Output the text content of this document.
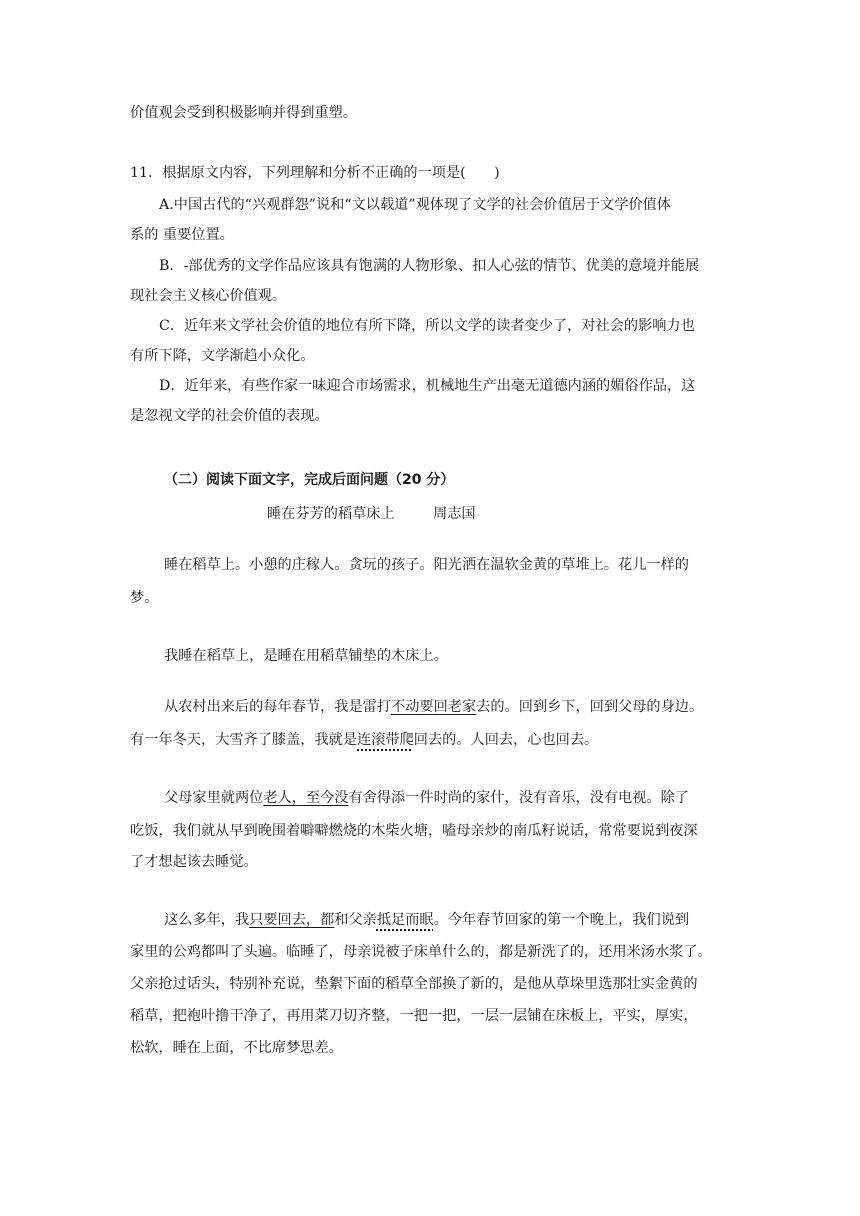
价值观会受到积极影响并得到重塑。
11．根据原文内容，下列理解和分析不正确的一项是(　　)
A.中国古代的“兴观群怨”说和“文以载道”观体现了文学的社会价值居于文学价值体
系的 重要位置。
B．-部优秀的文学作品应该具有饱满的人物形象、扣人心弦的情节、优美的意境并能展
现社会主义核心价值观。
C．近年来文学社会价值的地位有所下降，所以文学的读者变少了，对社会的影响力也
有所下降，文学渐趋小众化。
D．近年来，有些作家一味迎合市场需求，机械地生产出毫无道德内涵的媚俗作品，这
是忽视文学的社会价值的表现。
（二）阅读下面文字，完成后面问题（20 分）
睡在芬芳的稻草床上	周志国
睡在稻草上。小憩的庄稼人。贪玩的孩子。阳光洒在温软金黄的草堆上。花儿一样的
梦。
我睡在稻草上，是睡在用稻草铺垫的木床上。
从农村出来后的每年春节，我是雷打不动要回老家去的。回到乡下，回到父母的身边。
有一年冬天，大雪齐了膝盖，我就是连滚带爬回去的。人回去，心也回去。
父母家里就两位老人，至今没有舍得添一件时尚的家什，没有音乐，没有电视。除了
吃饭，我们就从早到晚围着噼噼燃烧的木柴火塘，嗑母亲炒的南瓜籽说话，常常要说到夜深
了才想起该去睡觉。
这么多年，我只要回去，都和父亲抵足而眠。今年春节回家的第一个晚上，我们说到
家里的公鸡都叫了头遍。临睡了，母亲说被子床单什么的，都是新洗了的，还用米汤水浆了。
父亲抢过话头，特别补充说，垫絮下面的稻草全部换了新的，是他从草垛里选那壮实金黄的
稻草，把袍叶撸干净了，再用菜刀切齐整，一把一把，一层一层铺在床板上，平实，厚实，
松软，睡在上面，不比席梦思差。
